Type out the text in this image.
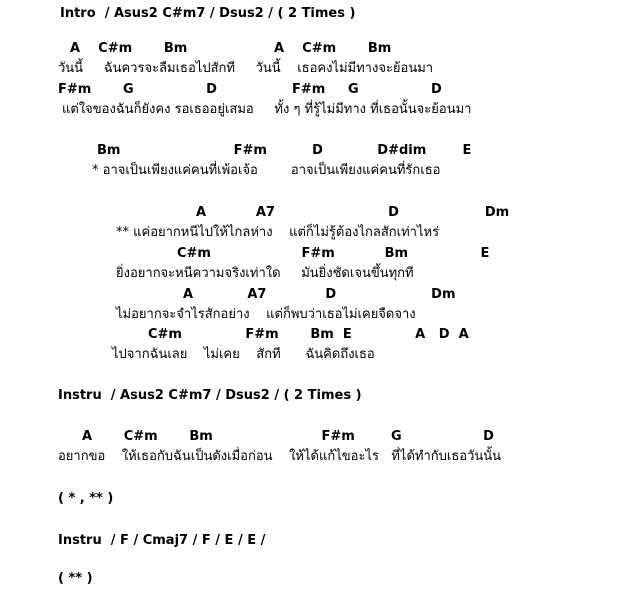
Intro  / Asus2 C#m7 / Dsus2 / ( 2 Times )
A    C#m       Bm	A    C#m       Bm
วันนี้     ฉันควรจะลืมเธอไปสักที     วันนี้    เธอคงไม่มีทางจะย้อนมา
F#m       G                D	F#m     G                D
แต่ใจของฉันก็ยังคง รอเธออยู่เสมอ     ทั้ง ๆ ที่รู้ไม่มีทาง ที่เธอนั้นจะย้อนมา
Bm                         F#m          D            D#dim        E
* อาจเป็นเพียงแค่คนที่เพ้อเจ้อ        อาจเป็นเพียงแค่คนที่รักเธอ
A           A7                         D                   Dm
** แค่อยากหนีไปให้ไกลห่าง    แต่ก็ไม่รู้ต้องไกลสักเท่าไหร่
C#m                    F#m           Bm                E
ยิ่งอยากจะหนีความจริงเท่าใด     มันยิ่งชัดเจนขึ้นทุกที
A            A7             D                     Dm
ไม่อยากจะจำไรสักอย่าง    แต่ก็พบว่าเธอไม่เคยจืดจาง
C#m              F#m       Bm  E              A   D  A
ไปจากฉันเลย    ไม่เคย    สักที      ฉันคิดถึงเธอ
Instru  / Asus2 C#m7 / Dsus2 / ( 2 Times )
A       C#m       Bm                        F#m        G                  D
อยากขอ    ให้เธอกับฉันเป็นดังเมื่อก่อน    ให้ได้แก้ไขอะไร   ที่ได้ทำกับเธอวันนั้น
( * , ** )
Instru  / F / Cmaj7 / F / E / E /
( ** )
